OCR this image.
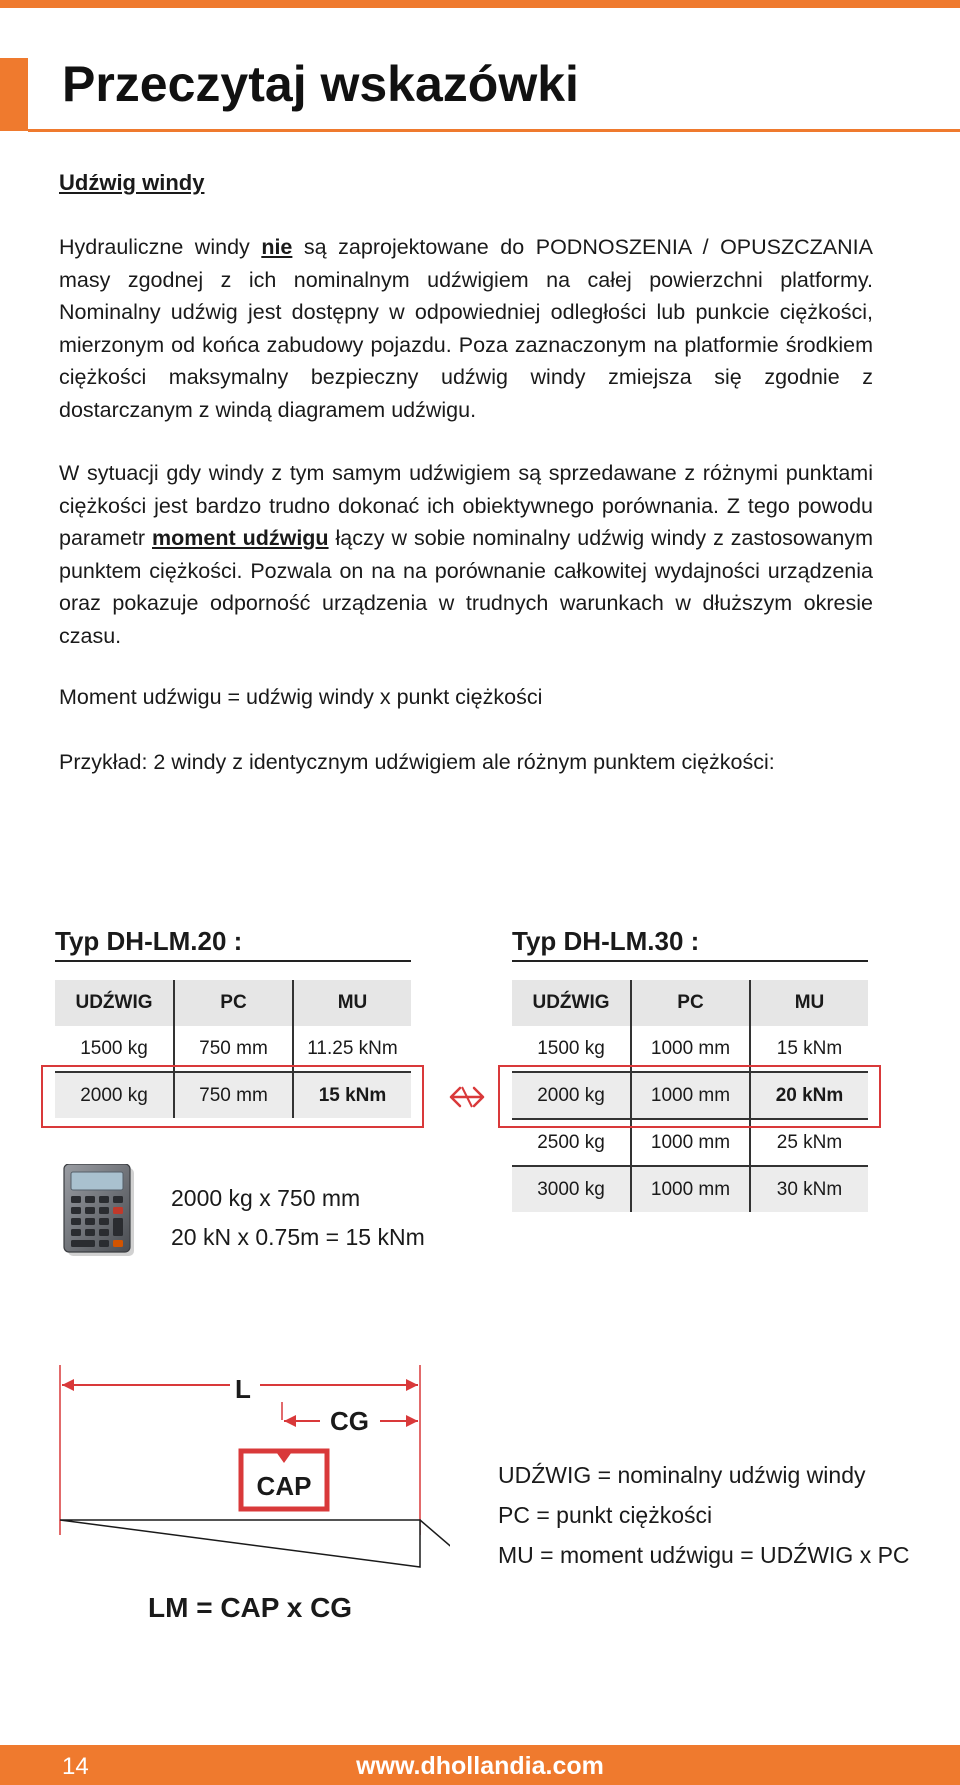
Przeczytaj wskazówki
Udźwig windy
Hydrauliczne windy nie są zaprojektowane do PODNOSZENIA / OPUSZCZANIA masy zgodnej z ich nominalnym udźwigiem na całej powierzchni platformy. Nominalny udźwig jest dostępny w odpowiedniej odległości lub punkcie ciężkości, mierzonym od końca zabudowy pojazdu. Poza zaznaczonym na platformie środkiem ciężkości maksymalny bezpieczny udźwig windy zmiejsza się zgodnie z dostarczanym z windą diagramem udźwigu.
W sytuacji gdy windy z tym samym udźwigiem są sprzedawane z różnymi punktami ciężkości jest bardzo trudno dokonać ich obiektywnego porównania. Z tego powodu parametr moment udźwigu łączy w sobie nominalny udźwig windy z zastosowanym punktem ciężkości. Pozwala on na na porównanie całkowitej wydajności urządzenia oraz pokazuje odporność urządzenia w trudnych warunkach w dłuższym okresie czasu.
Moment udźwigu = udźwig windy x punkt ciężkości
Przykład: 2 windy z identycznym udźwigiem ale różnym punktem ciężkości:
Typ DH-LM.20 :
UDŹWIG	PC	MU
1500 kg	750 mm	11.25 kNm
2000 kg	750 mm	15 kNm
Typ DH-LM.30 :
UDŹWIG	PC	MU
1500 kg	1000 mm	15 kNm
2000 kg	1000 mm	20 kNm
2500 kg	1000 mm	25 kNm
3000 kg	1000 mm	30 kNm
2000 kg x 750 mm
20 kN x 0.75m = 15 kNm
L
CG
CAP
LM = CAP x CG
UDŹWIG = nominalny udźwig windy
PC = punkt ciężkości
MU = moment udźwigu = UDŹWIG x PC
14	www.dhollandia.com
